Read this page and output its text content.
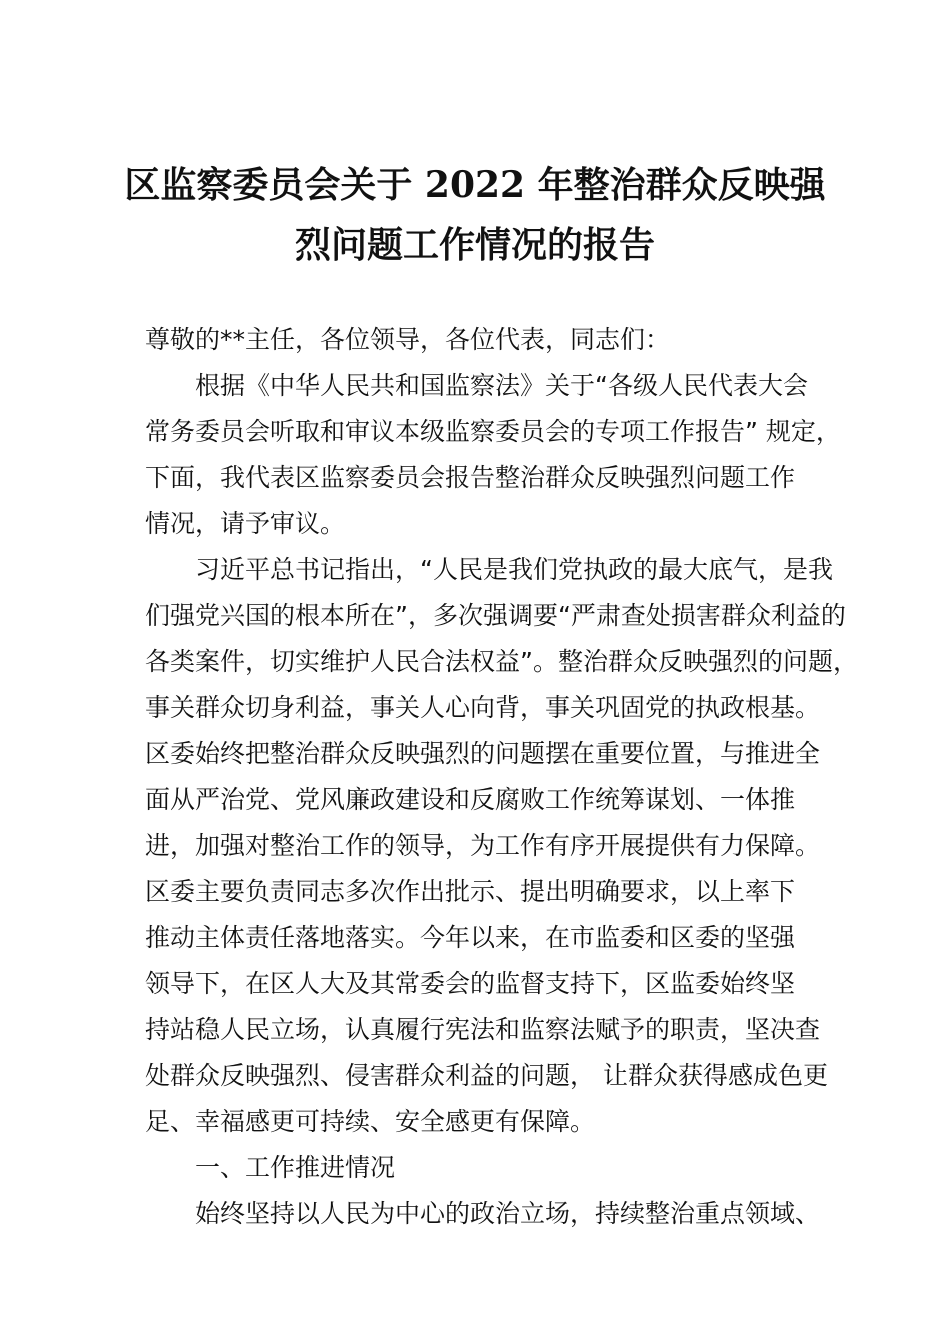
区监察委员会关于 2022 年整治群众反映强
烈问题工作情况的报告
尊敬的**主任，各位领导，各位代表，同志们：
根据《中华人民共和国监察法》关于“各级人民代表大会
常务委员会听取和审议本级监察委员会的专项工作报告” 规定，
下面，我代表区监察委员会报告整治群众反映强烈问题工作
情况，请予审议。
习近平总书记指出，“人民是我们党执政的最大底气，是我
们强党兴国的根本所在”，多次强调要“严肃查处损害群众利益的
各类案件，切实维护人民合法权益”。整治群众反映强烈的问题，
事关群众切身利益，事关人心向背，事关巩固党的执政根基。
区委始终把整治群众反映强烈的问题摆在重要位置，与推进全
面从严治党、党风廉政建设和反腐败工作统筹谋划、一体推
进，加强对整治工作的领导，为工作有序开展提供有力保障。
区委主要负责同志多次作出批示、提出明确要求，以上率下
推动主体责任落地落实。今年以来，在市监委和区委的坚强
领导下，在区人大及其常委会的监督支持下，区监委始终坚
持站稳人民立场，认真履行宪法和监察法赋予的职责，坚决查
处群众反映强烈、侵害群众利益的问题， 让群众获得感成色更
足、幸福感更可持续、安全感更有保障。
一、工作推进情况
始终坚持以人民为中心的政治立场，持续整治重点领域、
